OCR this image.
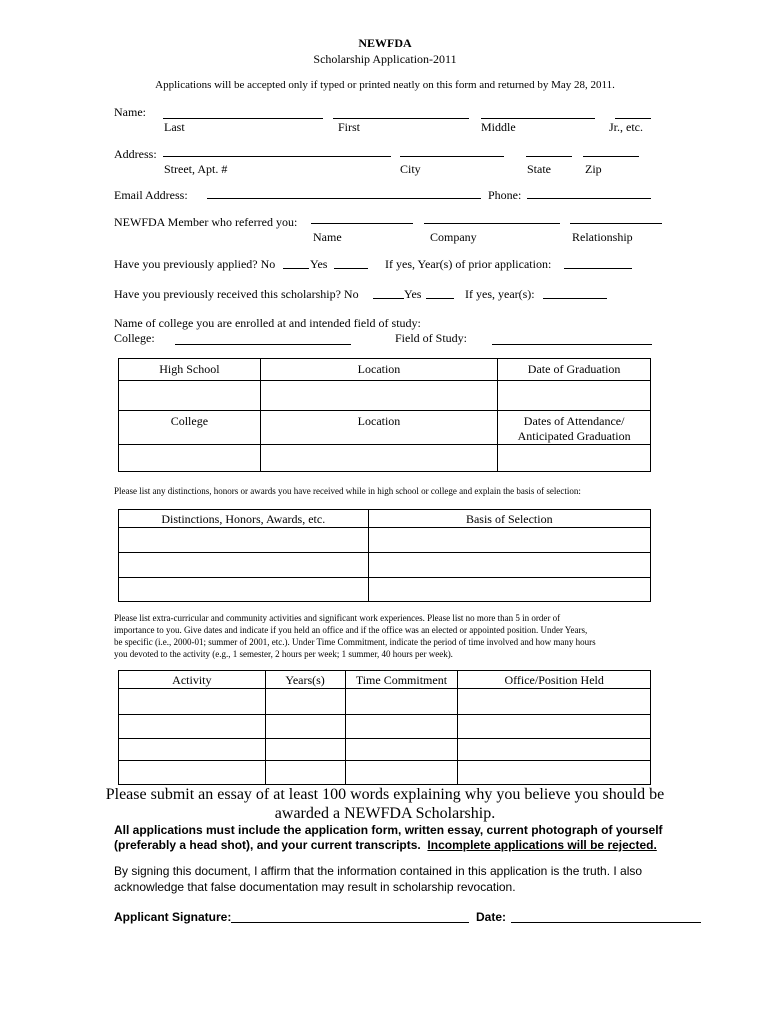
NEWFDA
Scholarship Application-2011
Applications will be accepted only if typed or printed neatly on this form and returned by May 28, 2011.
Name:
Last	First	Middle	Jr., etc.
Address:
Street, Apt. #	City	State	Zip
Email Address:	Phone:
NEWFDA Member who referred you:
Name	Company	Relationship
Have you previously applied? No	Yes	If yes, Year(s) of prior application:
Have you previously received this scholarship? No	Yes	If yes, year(s):
Name of college you are enrolled at and intended field of study:
College:	Field of Study:
High School	Location	Date of Graduation

College	Location	Dates of Attendance/
Anticipated Graduation

Please list any distinctions, honors or awards you have received while in high school or college and explain the basis of selection:
Distinctions, Honors, Awards, etc.	Basis of Selection

Please list extra-curricular and community activities and significant work experiences. Please list no more than 5 in order of
importance to you. Give dates and indicate if you held an office and if the office was an elected or appointed position. Under Years,
be specific (i.e., 2000-01; summer of 2001, etc.). Under Time Commitment, indicate the period of time involved and how many hours
you devoted to the activity (e.g., 1 semester, 2 hours per week; 1 summer, 40 hours per week).
Activity	Years(s)	Time Commitment	Office/Position Held

Please submit an essay of at least 100 words explaining why you believe you should be
awarded a NEWFDA Scholarship.
All applications must include the application form, written essay, current photograph of yourself
(preferably a head shot), and your current transcripts.  Incomplete applications will be rejected.
By signing this document, I affirm that the information contained in this application is the truth. I also
acknowledge that false documentation may result in scholarship revocation.
Applicant Signature:	Date:
